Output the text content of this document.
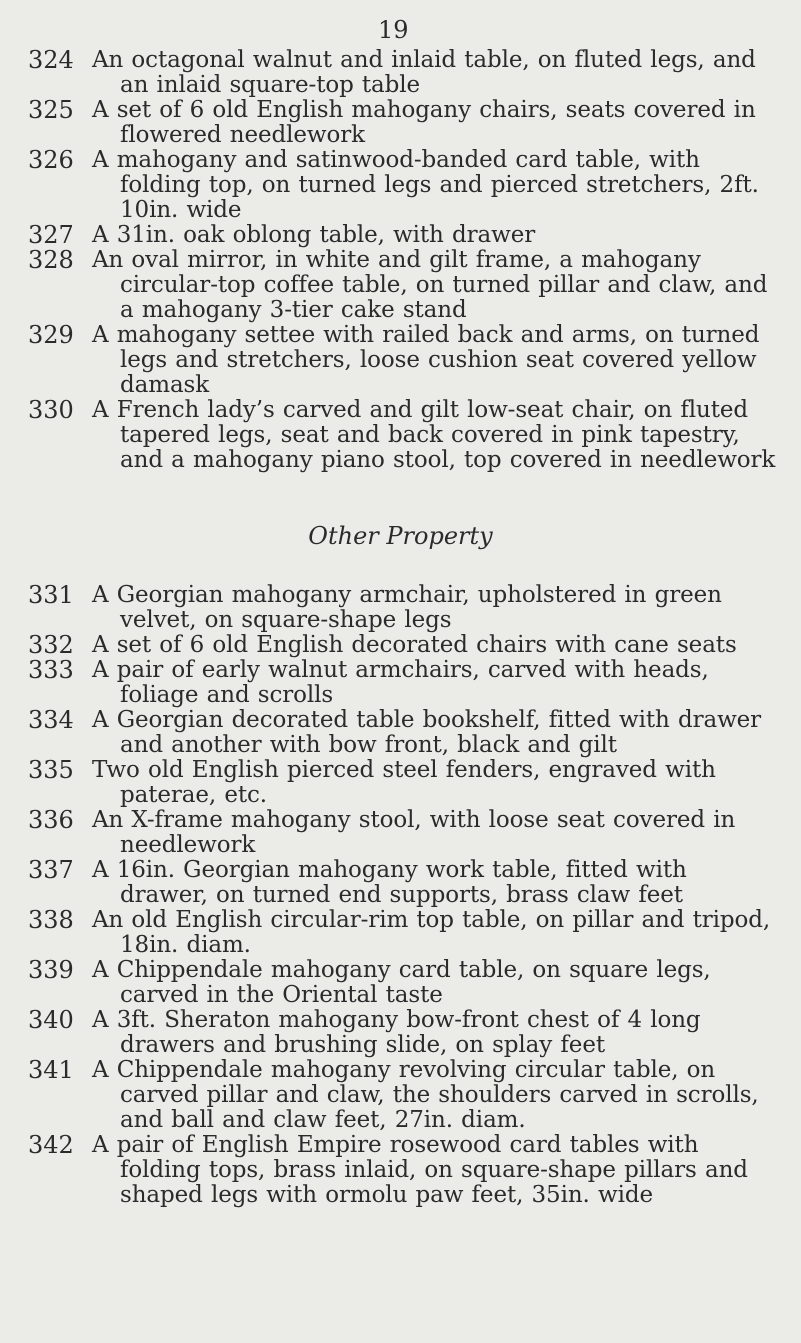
19
324 An octagonal walnut and inlaid table, on fluted legs, and an inlaid square-top table
325 A set of 6 old English mahogany chairs, seats covered in flowered needlework
326 A mahogany and satinwood-banded card table, with folding top, on turned legs and pierced stretchers, 2ft. 10in. wide
327 A 31in. oak oblong table, with drawer
328 An oval mirror, in white and gilt frame, a mahogany circular-top coffee table, on turned pillar and claw, and a mahogany 3-tier cake stand
329 A mahogany settee with railed back and arms, on turned legs and stretchers, loose cushion seat covered yellow damask
330 A French lady’s carved and gilt low-seat chair, on fluted tapered legs, seat and back covered in pink tapestry, and a mahogany piano stool, top covered in needlework
Other Property
331 A Georgian mahogany armchair, upholstered in green velvet, on square-shape legs
332 A set of 6 old English decorated chairs with cane seats
333 A pair of early walnut armchairs, carved with heads, foliage and scrolls
334 A Georgian decorated table bookshelf, fitted with drawer and another with bow front, black and gilt
335 Two old English pierced steel fenders, engraved with paterae, etc.
336 An X-frame mahogany stool, with loose seat covered in needlework
337 A 16in. Georgian mahogany work table, fitted with drawer, on turned end supports, brass claw feet
338 An old English circular-rim top table, on pillar and tripod, 18in. diam.
339 A Chippendale mahogany card table, on square legs, carved in the Oriental taste
340 A 3ft. Sheraton mahogany bow-front chest of 4 long drawers and brushing slide, on splay feet
341 A Chippendale mahogany revolving circular table, on carved pillar and claw, the shoulders carved in scrolls, and ball and claw feet, 27in. diam.
342 A pair of English Empire rosewood card tables with folding tops, brass inlaid, on square-shape pillars and shaped legs with ormolu paw feet, 35in. wide
